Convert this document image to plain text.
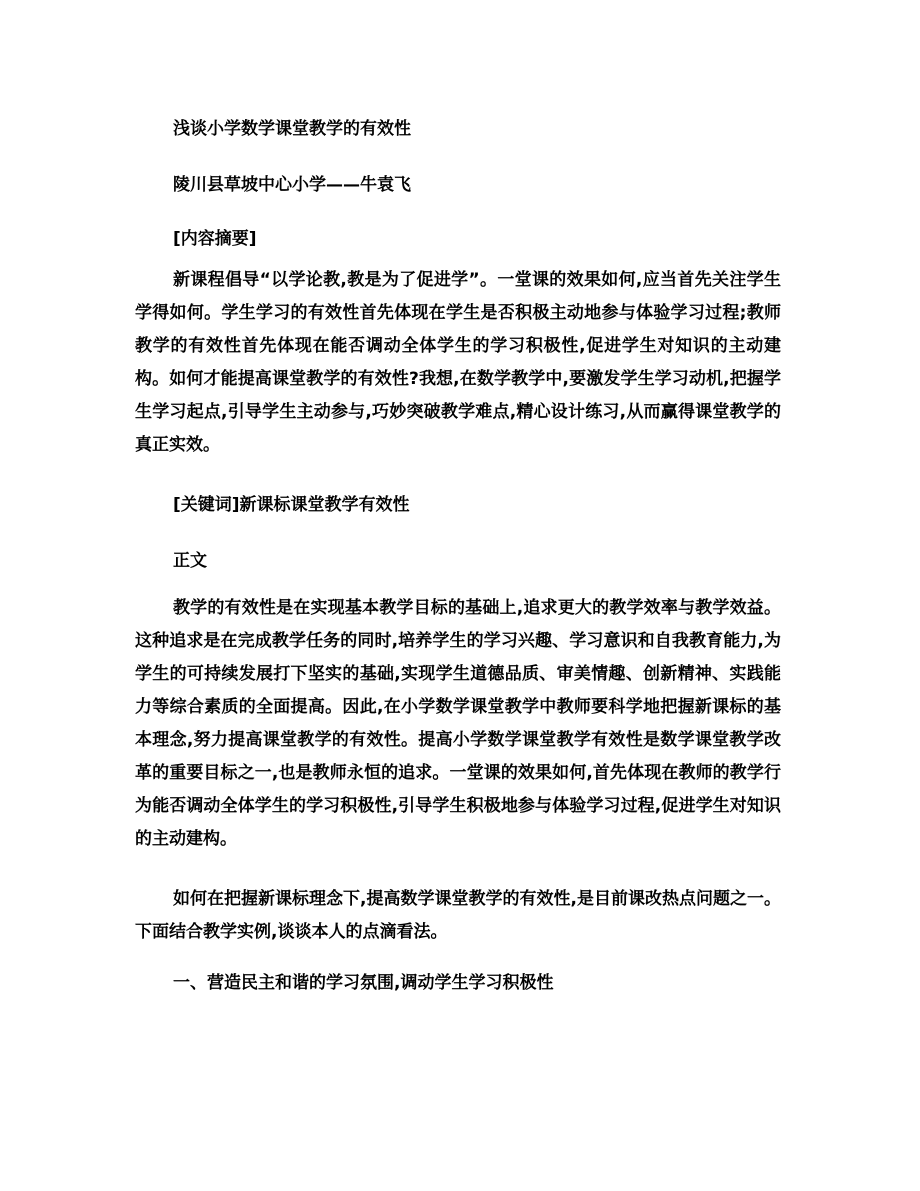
浅谈小学数学课堂教学的有效性
陵川县草坡中心小学——牛袁飞
[内容摘要]

新课程倡导“以学论教,教是为了促进学”。一堂课的效果如何,应当首先关注学生学得如何。学生学习的有效性首先体现在学生是否积极主动地参与体验学习过程;教师教学的有效性首先体现在能否调动全体学生的学习积极性,促进学生对知识的主动建构。如何才能提高课堂教学的有效性?我想,在数学教学中,要激发学生学习动机,把握学生学习起点,引导学生主动参与,巧妙突破教学难点,精心设计练习,从而赢得课堂教学的真正实效。

[关键词]新课标课堂教学有效性
正文

教学的有效性是在实现基本教学目标的基础上,追求更大的教学效率与教学效益。这种追求是在完成教学任务的同时,培养学生的学习兴趣、学习意识和自我教育能力,为学生的可持续发展打下坚实的基础,实现学生道德品质、审美情趣、创新精神、实践能力等综合素质的全面提高。因此,在小学数学课堂教学中教师要科学地把握新课标的基本理念,努力提高课堂教学的有效性。提高小学数学课堂教学有效性是数学课堂教学改革的重要目标之一,也是教师永恒的追求。一堂课的效果如何,首先体现在教师的教学行为能否调动全体学生的学习积极性,引导学生积极地参与体验学习过程,促进学生对知识的主动建构。

如何在把握新课标理念下,提高数学课堂教学的有效性,是目前课改热点问题之一。下面结合教学实例,谈谈本人的点滴看法。

一、营造民主和谐的学习氛围,调动学生学习积极性
